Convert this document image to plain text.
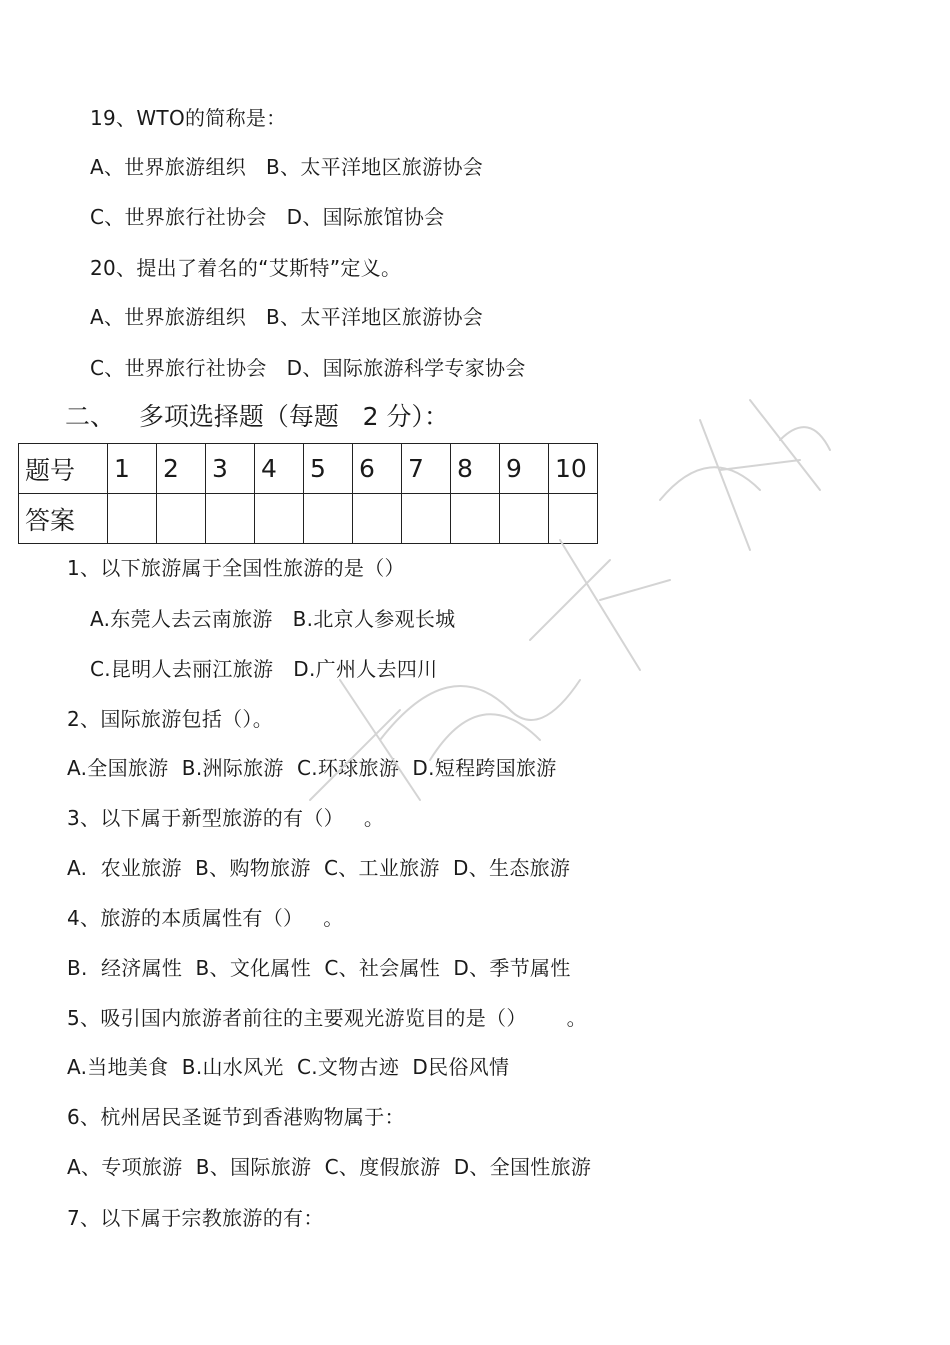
19、WTO的简称是：
A、世界旅游组织   B、太平洋地区旅游协会
C、世界旅行社协会   D、国际旅馆协会
20、提出了着名的“艾斯特”定义。
A、世界旅游组织   B、太平洋地区旅游协会
C、世界旅行社协会   D、国际旅游科学专家协会
二、   多项选择题（每题   2 分）：
题号	1	2	3	4	5	6	7	8	9	10
答案										
1、以下旅游属于全国性旅游的是（）
A.东莞人去云南旅游   B.北京人参观长城
C.昆明人去丽江旅游   D.广州人去四川
2、国际旅游包括（）。
A.全国旅游  B.洲际旅游  C.环球旅游  D.短程跨国旅游
3、以下属于新型旅游的有（）   。
A.  农业旅游  B、购物旅游  C、工业旅游  D、生态旅游
4、旅游的本质属性有（）   。
B.  经济属性  B、文化属性  C、社会属性  D、季节属性
5、吸引国内旅游者前往的主要观光游览目的是（）      。
A.当地美食  B.山水风光  C.文物古迹  D民俗风情
6、杭州居民圣诞节到香港购物属于：
A、专项旅游  B、国际旅游  C、度假旅游  D、全国性旅游
7、以下属于宗教旅游的有：
